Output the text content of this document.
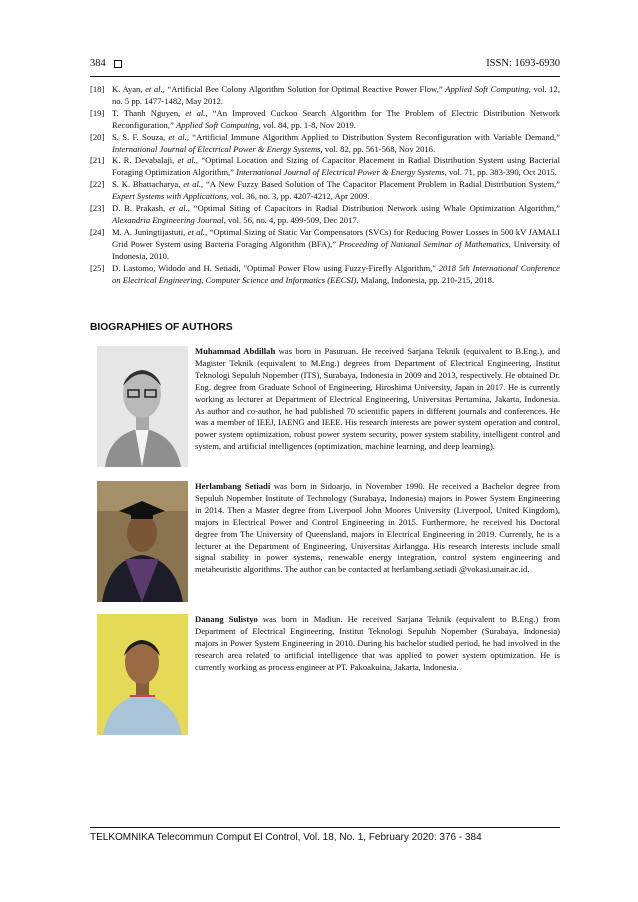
384	ISSN: 1693-6930
[18] K. Ayan, et al., “Artificial Bee Colony Algorithm Solution for Optimal Reactive Power Flow,” Applied Soft Computing, vol. 12, no. 5 pp. 1477-1482, May 2012.
[19] T. Thanh Nguyen, et al., “An Improved Cuckoo Search Algorithm for The Problem of Electric Distribution Network Reconfiguration,” Applied Soft Computing, vol. 84, pp. 1-8, Nov 2019.
[20] S. S. F. Souza, et al., “Artificial Immune Algorithm Applied to Distribution System Reconfiguration with Variable Demand,” International Journal of Electrical Power & Energy Systems, vol. 82, pp. 561-568, Nov 2016.
[21] K. R. Devabalaji, et al., “Optimal Location and Sizing of Capacitor Placement in Radial Distribution System using Bacterial Foraging Optimization Algorithm,” International Journal of Electrical Power & Energy Systems, vol. 71, pp. 383-390, Oct 2015.
[22] S. K. Bhattacharya, et al., “A New Fuzzy Based Solution of The Capacitor Placement Problem in Radial Distribution System,” Expert Systems with Applications, vol. 36, no. 3, pp. 4207-4212, Apr 2009.
[23] D. B. Prakash, et al., “Optimal Siting of Capacitors in Radial Distribution Network using Whale Optimization Algorithm,” Alexandria Engineering Journal, vol. 56, no. 4, pp. 499-509, Dec 2017.
[24] M. A. Juningtijastuti, et al., “Optimal Sizing of Static Var Compensators (SVCs) for Reducing Power Losses in 500 kV JAMALI Grid Power System using Bacteria Foraging Algorithm (BFA),” Proceeding of National Seminar of Mathematics, University of Indonesia, 2010.
[25] D. Lastomo, Widodo and H. Setiadi, "Optimal Power Flow using Fuzzy-Firefly Algorithm," 2018 5th International Conference on Electrical Engineering, Computer Science and Informatics (EECSI), Malang, Indonesia, pp. 210-215, 2018.
BIOGRAPHIES OF AUTHORS
Muhammad Abdillah was born in Pasuruan. He received Sarjana Teknik (equivalent to B.Eng.), and Magister Teknik (equivalent to M.Eng.) degrees from Department of Electrical Engineering, Institut Teknologi Sepuluh Nopember (ITS), Surabaya, Indonesia in 2009 and 2013, respectively. He obtained Dr. Eng. degree from Graduate School of Engineering, Hiroshima University, Japan in 2017. He is currently working as lecturer at Department of Electrical Engineering, Universitas Pertamina, Jakarta, Indonesia. As author and co-author, he had published 70 scientific papers in different journals and conferences. He was a member of IEEJ, IAENG and IEEE. His research interests are power system operation and control, power system optimization, robust power system security, power system stability, intelligent control and system, and artificial intelligences (optimization, machine learning, and deep learning).
Herlambang Setiadi was born in Sidoarjo, in November 1990. He received a Bachelor degree from Sepuluh Nopember Institute of Technology (Surabaya, Indonesia) majors in Power System Engineering in 2014. Then a Master degree from Liverpool John Moores University (Liverpool, United Kingdom), majors in Electrical Power and Control Engineering in 2015. Furthermore, he received his Doctoral degree from The University of Queensland, majors in Electrical Engineering in 2019. Currently, he is a lecturer at the Department of Engineering, Universitas Airlangga. His research interests include small signal stability in power systems, renewable energy integration, control system engineering and metaheuristic algorithms. The author can be contacted at herlambang.setiadi @vokasi.unair.ac.id.
Danang Sulistyo was born in Madiun. He received Sarjana Teknik (equivalent to B.Eng.) from Department of Electrical Engineering, Institut Teknologi Sepuluh Nopember (Surabaya, Indonesia) majors in Power System Engineering in 2010. During his bachelor studied period, he had involved in the research area related to artificial intelligence that was applied to power system optimization. He is currently working as process engineer at PT. Pakoakuina, Jakarta, Indonesia.
TELKOMNIKA Telecommun Comput El Control, Vol. 18, No. 1, February 2020: 376 - 384
